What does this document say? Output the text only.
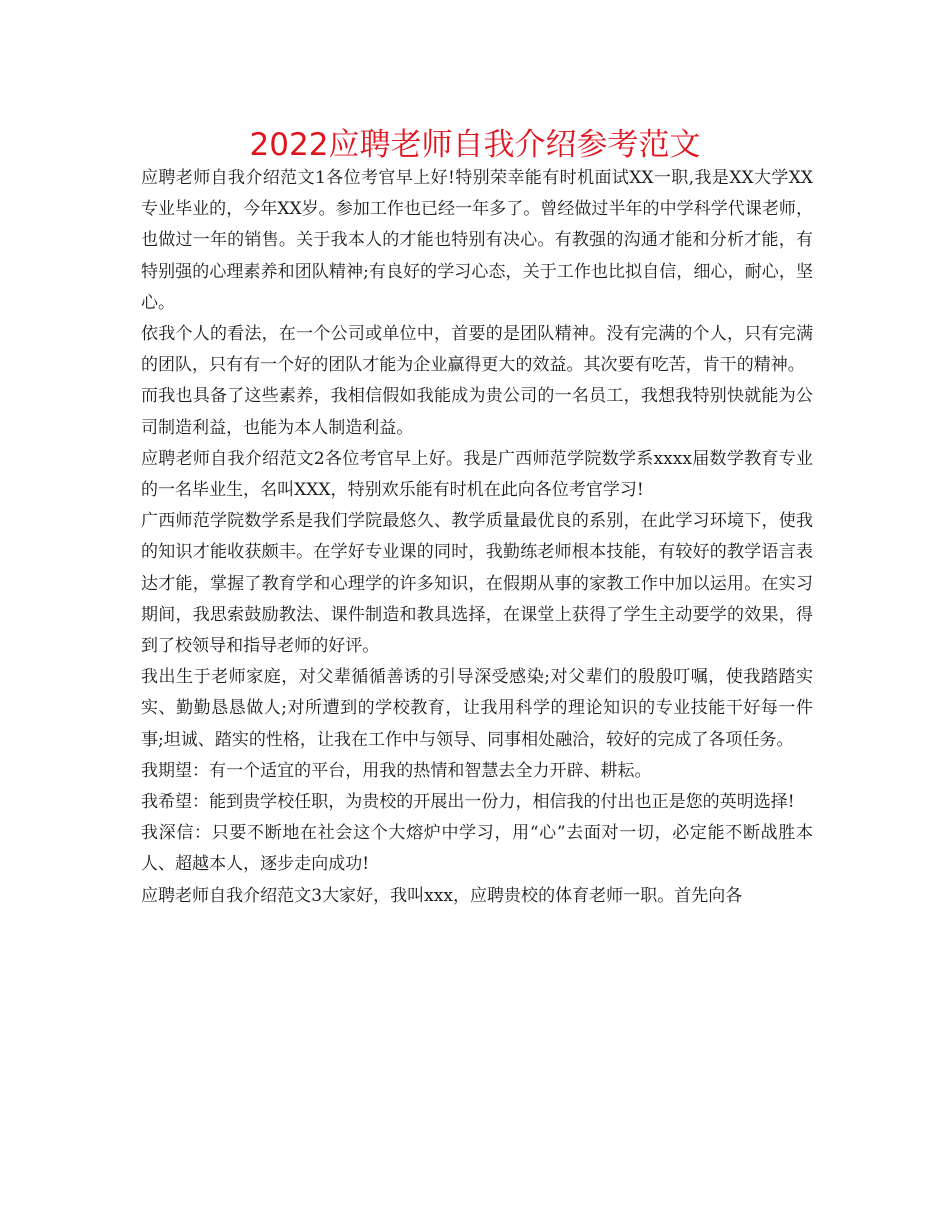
2022应聘老师自我介绍参考范文

应聘老师自我介绍范文1各位考官早上好!特别荣幸能有时机面试XX一职,我是XX大学XX专业毕业的，今年XX岁。参加工作也已经一年多了。曾经做过半年的中学科学代课老师，也做过一年的销售。关于我本人的才能也特别有决心。有教强的沟通才能和分析才能，有特别强的心理素养和团队精神;有良好的学习心态，关于工作也比拟自信，细心，耐心，坚心。

依我个人的看法，在一个公司或单位中，首要的是团队精神。没有完满的个人，只有完满的团队，只有有一个好的团队才能为企业赢得更大的效益。其次要有吃苦，肯干的精神。

而我也具备了这些素养，我相信假如我能成为贵公司的一名员工，我想我特别快就能为公司制造利益，也能为本人制造利益。

应聘老师自我介绍范文2各位考官早上好。我是广西师范学院数学系xxxx届数学教育专业的一名毕业生，名叫XXX，特别欢乐能有时机在此向各位考官学习!

广西师范学院数学系是我们学院最悠久、教学质量最优良的系别，在此学习环境下，使我的知识才能收获颇丰。在学好专业课的同时，我勤练老师根本技能，有较好的教学语言表达才能，掌握了教育学和心理学的许多知识，在假期从事的家教工作中加以运用。在实习期间，我思索鼓励教法、课件制造和教具选择，在课堂上获得了学生主动要学的效果，得到了校领导和指导老师的好评。

我出生于老师家庭，对父辈循循善诱的引导深受感染;对父辈们的殷殷叮嘱，使我踏踏实实、勤勤恳恳做人;对所遭到的学校教育，让我用科学的理论知识的专业技能干好每一件事;坦诚、踏实的性格，让我在工作中与领导、同事相处融洽，较好的完成了各项任务。

我期望：有一个适宜的平台，用我的热情和智慧去全力开辟、耕耘。

我希望：能到贵学校任职，为贵校的开展出一份力，相信我的付出也正是您的英明选择!

我深信：只要不断地在社会这个大熔炉中学习，用“心”去面对一切，必定能不断战胜本人、超越本人，逐步走向成功!

应聘老师自我介绍范文3大家好，我叫xxx，应聘贵校的体育老师一职。首先向各
